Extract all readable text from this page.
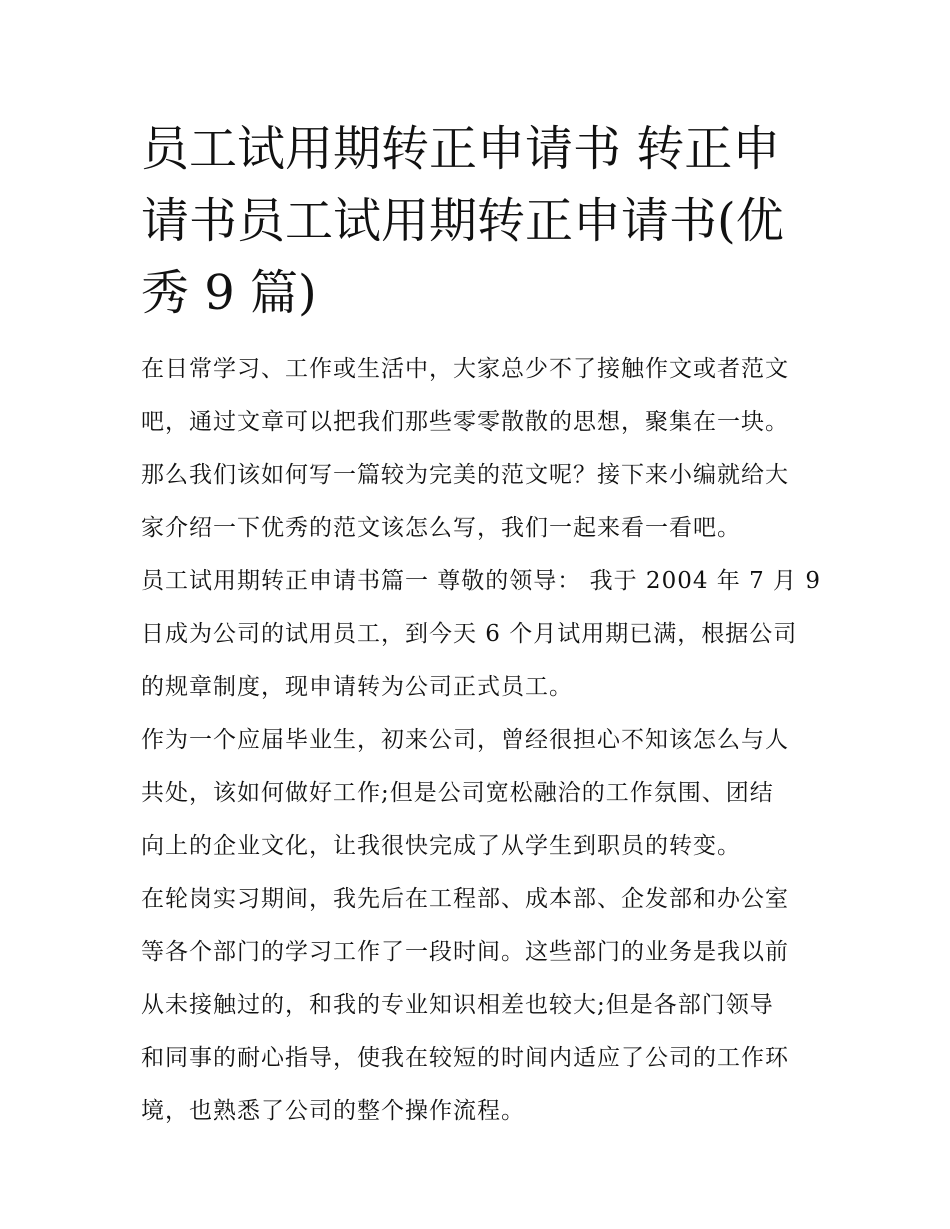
员工试用期转正申请书 转正申
请书员工试用期转正申请书(优
秀 9 篇)
在日常学习、工作或生活中，大家总少不了接触作文或者范文
吧，通过文章可以把我们那些零零散散的思想，聚集在一块。
那么我们该如何写一篇较为完美的范文呢？接下来小编就给大
家介绍一下优秀的范文该怎么写，我们一起来看一看吧。
员工试用期转正申请书篇一 尊敬的领导： 我于 2004 年 7 月 9
日成为公司的试用员工，到今天 6 个月试用期已满，根据公司
的规章制度，现申请转为公司正式员工。
作为一个应届毕业生，初来公司，曾经很担心不知该怎么与人
共处，该如何做好工作;但是公司宽松融洽的工作氛围、团结
向上的企业文化，让我很快完成了从学生到职员的转变。
在轮岗实习期间，我先后在工程部、成本部、企发部和办公室
等各个部门的学习工作了一段时间。这些部门的业务是我以前
从未接触过的，和我的专业知识相差也较大;但是各部门领导
和同事的耐心指导，使我在较短的时间内适应了公司的工作环
境，也熟悉了公司的整个操作流程。
